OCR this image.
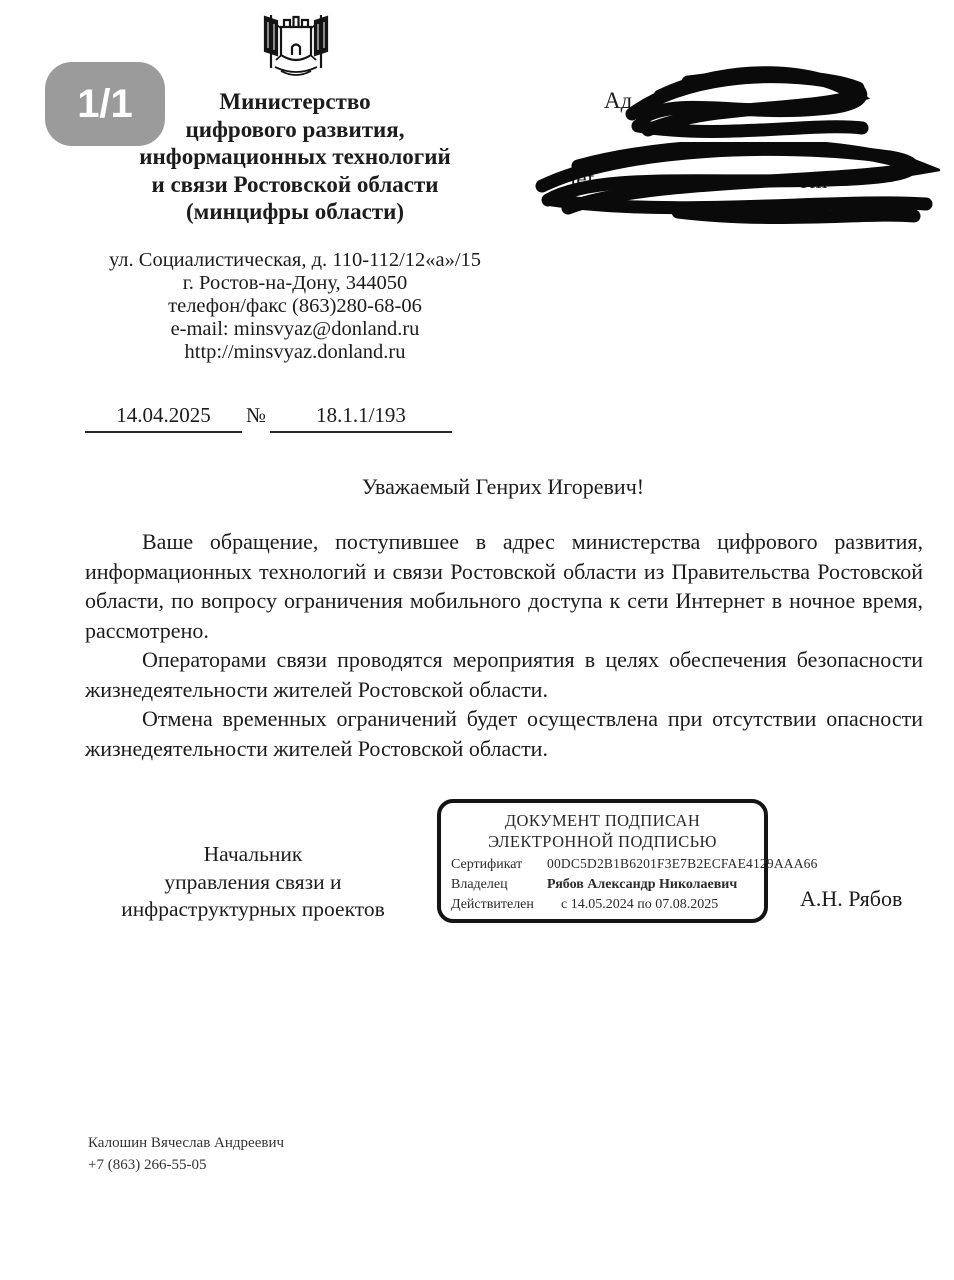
1/1	Министерство
цифрового развития,
информационных технологий
и связи Ростовской области
(минцифры области)
ул. Социалистическая, д. 110-112/12«а»/15
г. Ростов-на-Дону, 344050
телефон/факс (863)280-68-06
e-mail: minsvyaz@donland.ru
http://minsvyaz.donland.ru
Ад
lef	om
14.04.2025 № 18.1.1/193
Уважаемый Генрих Игоревич!

Ваше обращение, поступившее в адрес министерства цифрового развития, информационных технологий и связи Ростовской области из Правительства Ростовской области, по вопросу ограничения мобильного доступа к сети Интернет в ночное время, рассмотрено.

Операторами связи проводятся мероприятия в целях обеспечения безопасности жизнедеятельности жителей Ростовской области.

Отмена временных ограничений будет осуществлена при отсутствии опасности жизнедеятельности жителей Ростовской области.

Начальник
управления связи и
инфраструктурных проектов
ДОКУМЕНТ ПОДПИСАН
ЭЛЕКТРОННОЙ ПОДПИСЬЮ
Сертификат	00DC5D2B1B6201F3E7B2ECFAE4129AAA66
Владелец	Рябов Александр Николаевич
Действителен	с 14.05.2024 по 07.08.2025	А.Н. Рябов
Калошин Вячеслав Андреевич
+7 (863) 266-55-05
